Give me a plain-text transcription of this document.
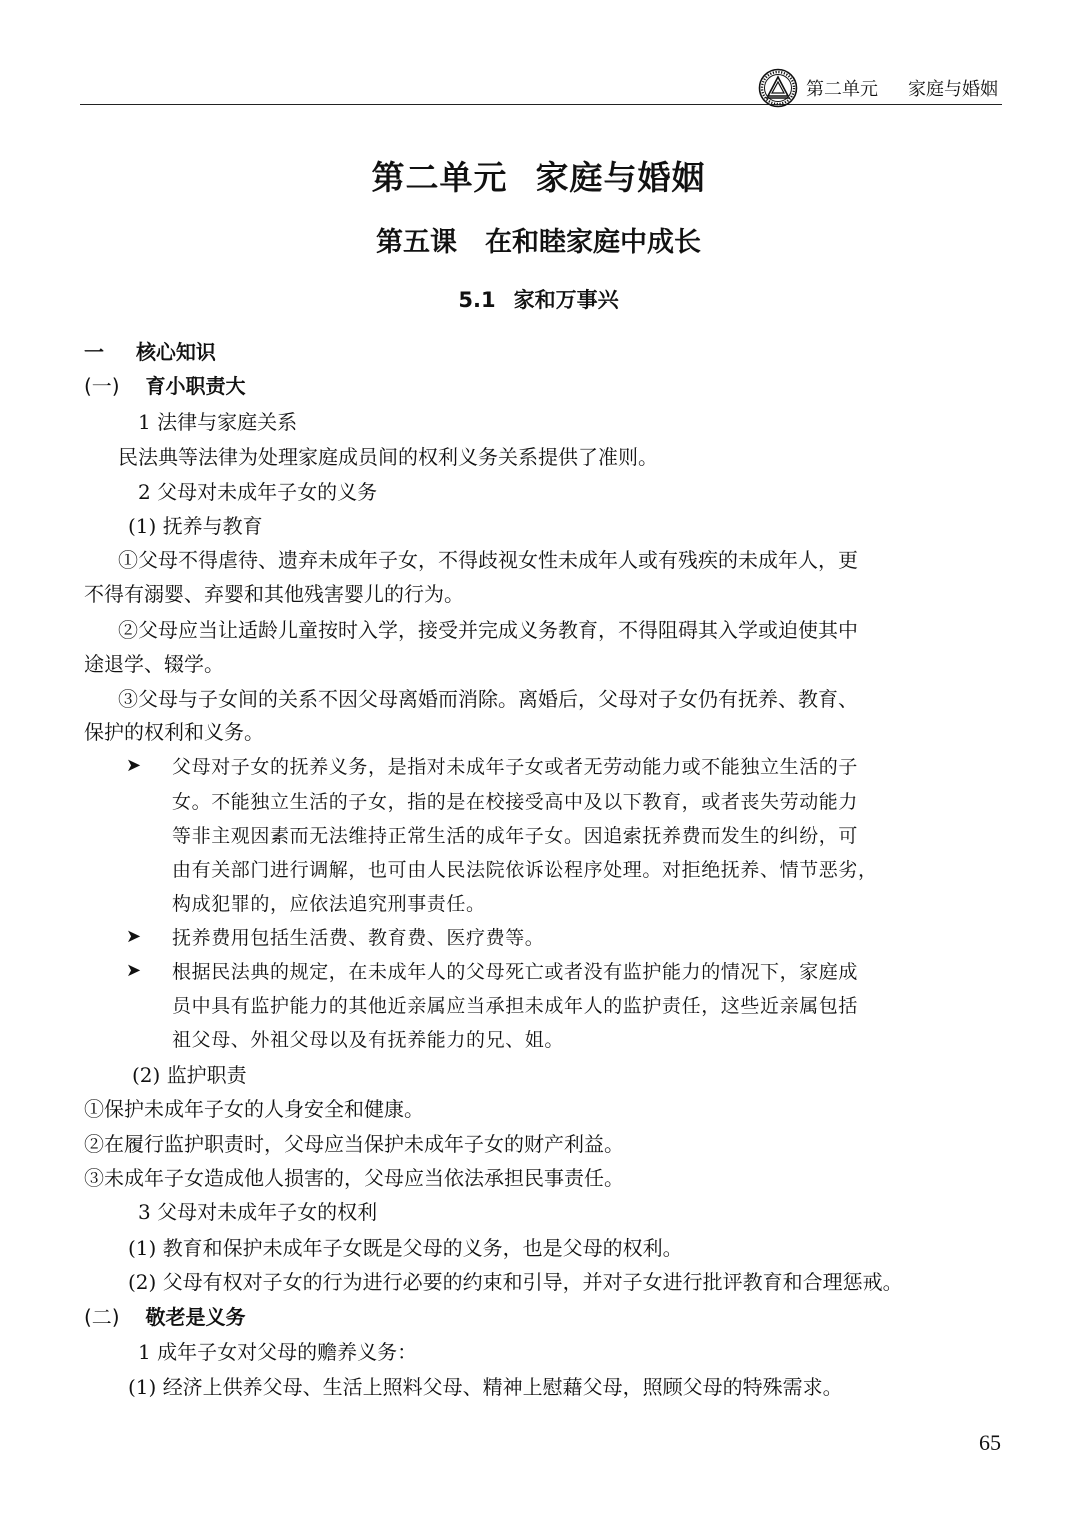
第二单元 家庭与婚姻
第二单元 家庭与婚姻
第五课 在和睦家庭中成长
5.1 家和万事兴
一 核心知识
(一) 育小职责大
1 法律与家庭关系
民法典等法律为处理家庭成员间的权利义务关系提供了准则。
2 父母对未成年子女的义务
(1) 抚养与教育
①父母不得虐待、遗弃未成年子女，不得歧视女性未成年人或有残疾的未成年人，更
不得有溺婴、弃婴和其他残害婴儿的行为。
②父母应当让适龄儿童按时入学，接受并完成义务教育，不得阻碍其入学或迫使其中
途退学、辍学。
③父母与子女间的关系不因父母离婚而消除。离婚后，父母对子女仍有抚养、教育、
保护的权利和义务。
➤ 父母对子女的抚养义务，是指对未成年子女或者无劳动能力或不能独立生活的子
女。不能独立生活的子女，指的是在校接受高中及以下教育，或者丧失劳动能力
等非主观因素而无法维持正常生活的成年子女。因追索抚养费而发生的纠纷，可
由有关部门进行调解，也可由人民法院依诉讼程序处理。对拒绝抚养、情节恶劣，
构成犯罪的，应依法追究刑事责任。
➤ 抚养费用包括生活费、教育费、医疗费等。
➤ 根据民法典的规定，在未成年人的父母死亡或者没有监护能力的情况下，家庭成
员中具有监护能力的其他近亲属应当承担未成年人的监护责任，这些近亲属包括
祖父母、外祖父母以及有抚养能力的兄、姐。
(2) 监护职责
①保护未成年子女的人身安全和健康。
②在履行监护职责时，父母应当保护未成年子女的财产利益。
③未成年子女造成他人损害的，父母应当依法承担民事责任。
3 父母对未成年子女的权利
(1) 教育和保护未成年子女既是父母的义务，也是父母的权利。
(2) 父母有权对子女的行为进行必要的约束和引导，并对子女进行批评教育和合理惩戒。
(二) 敬老是义务
1 成年子女对父母的赡养义务：
(1) 经济上供养父母、生活上照料父母、精神上慰藉父母，照顾父母的特殊需求。
65
